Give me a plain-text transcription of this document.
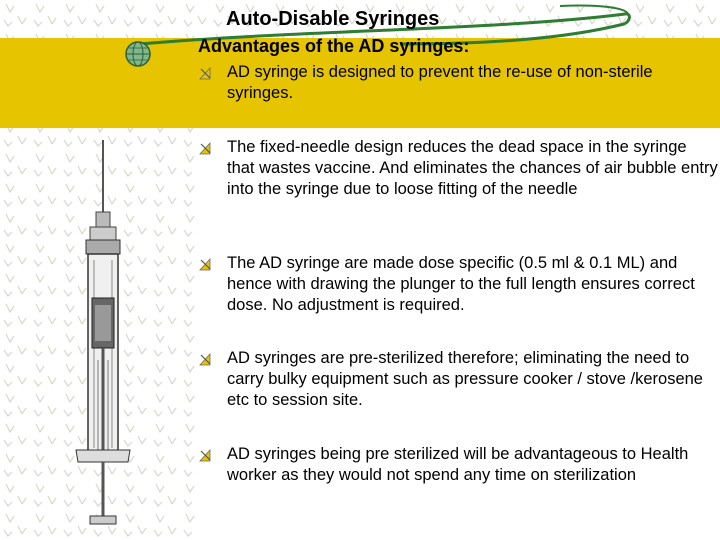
Auto-Disable Syringes
Advantages of the AD syringes:
AD syringe is designed to prevent the re-use of non-sterile syringes.
The fixed-needle design reduces the dead space in the syringe that wastes vaccine. And eliminates the chances of air bubble entry into the syringe due to loose fitting of the needle
The AD syringe are made dose specific (0.5 ml & 0.1 ML) and hence with drawing the plunger to the full length ensures correct dose. No adjustment is required.
AD syringes are pre-sterilized therefore; eliminating the need to carry bulky equipment such as pressure cooker / stove /kerosene etc to session site.
AD syringes being pre sterilized will be advantageous to Health worker as they would not spend any time on sterilization
